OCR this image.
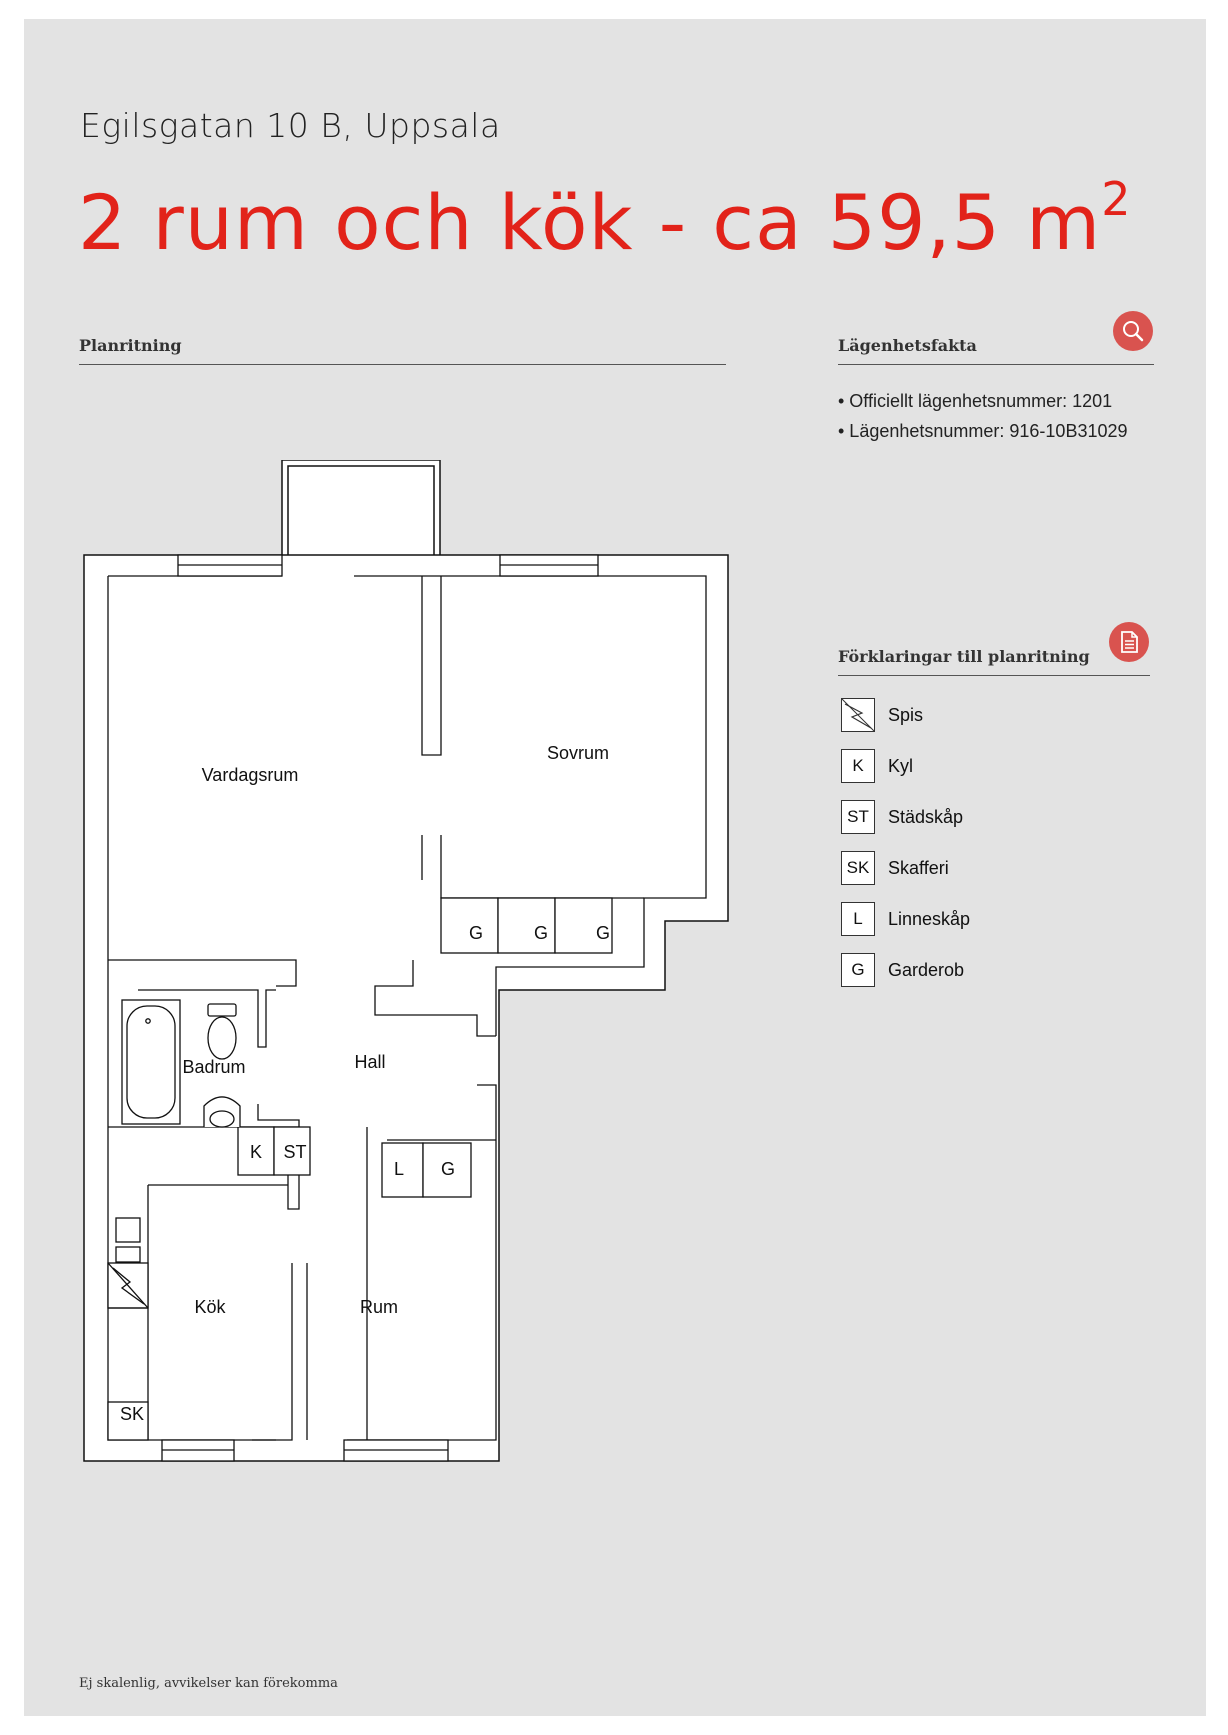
Egilsgatan 10 B, Uppsala
2 rum och kök - ca 59,5 $m^2$
Planritning	Lägenhetsfakta
• Officiellt lägenhetsnummer: 1201
• Lägenhetsnummer: 916-10B31029
Förklaringar till planritning
Spis
K	Kyl
ST	Städskåp
SK	Skafferi
L	Linneskåp
G	Garderob
Vardagsrum
Sovrum
Badrum	Hall
Kök	Rum
G	G	G
K ST
L G
SK
Ej skalenlig, avvikelser kan förekomma
